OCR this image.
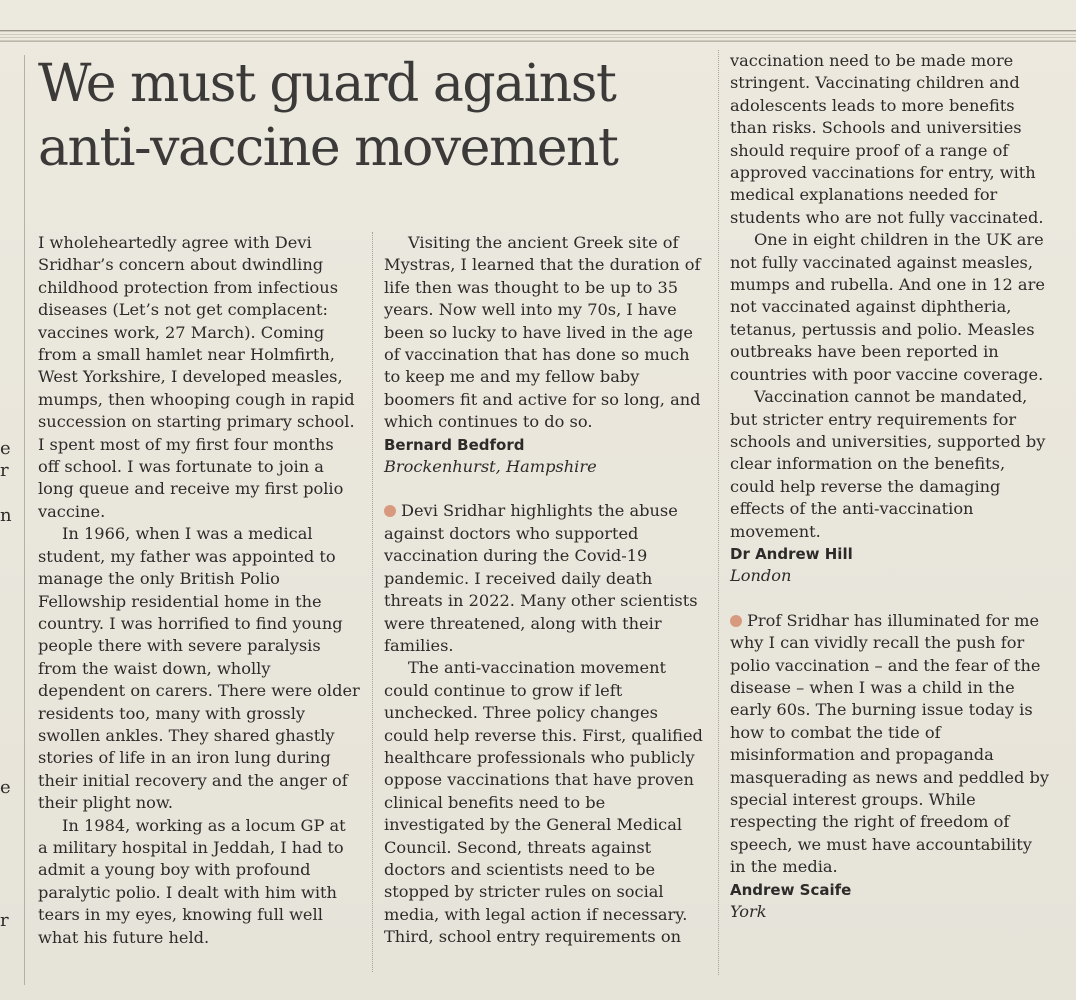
e
r
n
e
r
We must guard against anti-vaccine movement

I wholeheartedly agree with Devi Sridhar’s concern about dwindling childhood protection from infectious diseases (Let’s not get complacent: vaccines work, 27 March). Coming from a small hamlet near Holmfirth, West Yorkshire, I developed measles, mumps, then whooping cough in rapid succession on starting primary school. I spent most of my first four months off school. I was fortunate to join a long queue and receive my first polio vaccine.

In 1966, when I was a medical student, my father was appointed to manage the only British Polio Fellowship residential home in the country. I was horrified to find young people there with severe paralysis from the waist down, wholly dependent on carers. There were older residents too, many with grossly swollen ankles. They shared ghastly stories of life in an iron lung during their initial recovery and the anger of their plight now.

In 1984, working as a locum GP at a military hospital in Jeddah, I had to admit a young boy with profound paralytic polio. I dealt with him with tears in my eyes, knowing full well what his future held.

Visiting the ancient Greek site of Mystras, I learned that the duration of life then was thought to be up to 35 years. Now well into my 70s, I have been so lucky to have lived in the age of vaccination that has done so much to keep me and my fellow baby boomers fit and active for so long, and which continues to do so.

Bernard Bedford

Brockenhurst, Hampshire

Devi Sridhar highlights the abuse against doctors who supported vaccination during the Covid-19 pandemic. I received daily death threats in 2022. Many other scientists were threatened, along with their families.

The anti-vaccination movement could continue to grow if left unchecked. Three policy changes could help reverse this. First, qualified healthcare professionals who publicly oppose vaccinations that have proven clinical benefits need to be investigated by the General Medical Council. Second, threats against doctors and scientists need to be stopped by stricter rules on social media, with legal action if necessary. Third, school entry requirements on

vaccination need to be made more stringent. Vaccinating children and adolescents leads to more benefits than risks. Schools and universities should require proof of a range of approved vaccinations for entry, with medical explanations needed for students who are not fully vaccinated.

One in eight children in the UK are not fully vaccinated against measles, mumps and rubella. And one in 12 are not vaccinated against diphtheria, tetanus, pertussis and polio. Measles outbreaks have been reported in countries with poor vaccine coverage.

Vaccination cannot be mandated, but stricter entry requirements for schools and universities, supported by clear information on the benefits, could help reverse the damaging effects of the anti-vaccination movement.

Dr Andrew Hill

London

Prof Sridhar has illuminated for me why I can vividly recall the push for polio vaccination – and the fear of the disease – when I was a child in the early 60s. The burning issue today is how to combat the tide of misinformation and propaganda masquerading as news and peddled by special interest groups. While respecting the right of freedom of speech, we must have accountability in the media.

Andrew Scaife

York
